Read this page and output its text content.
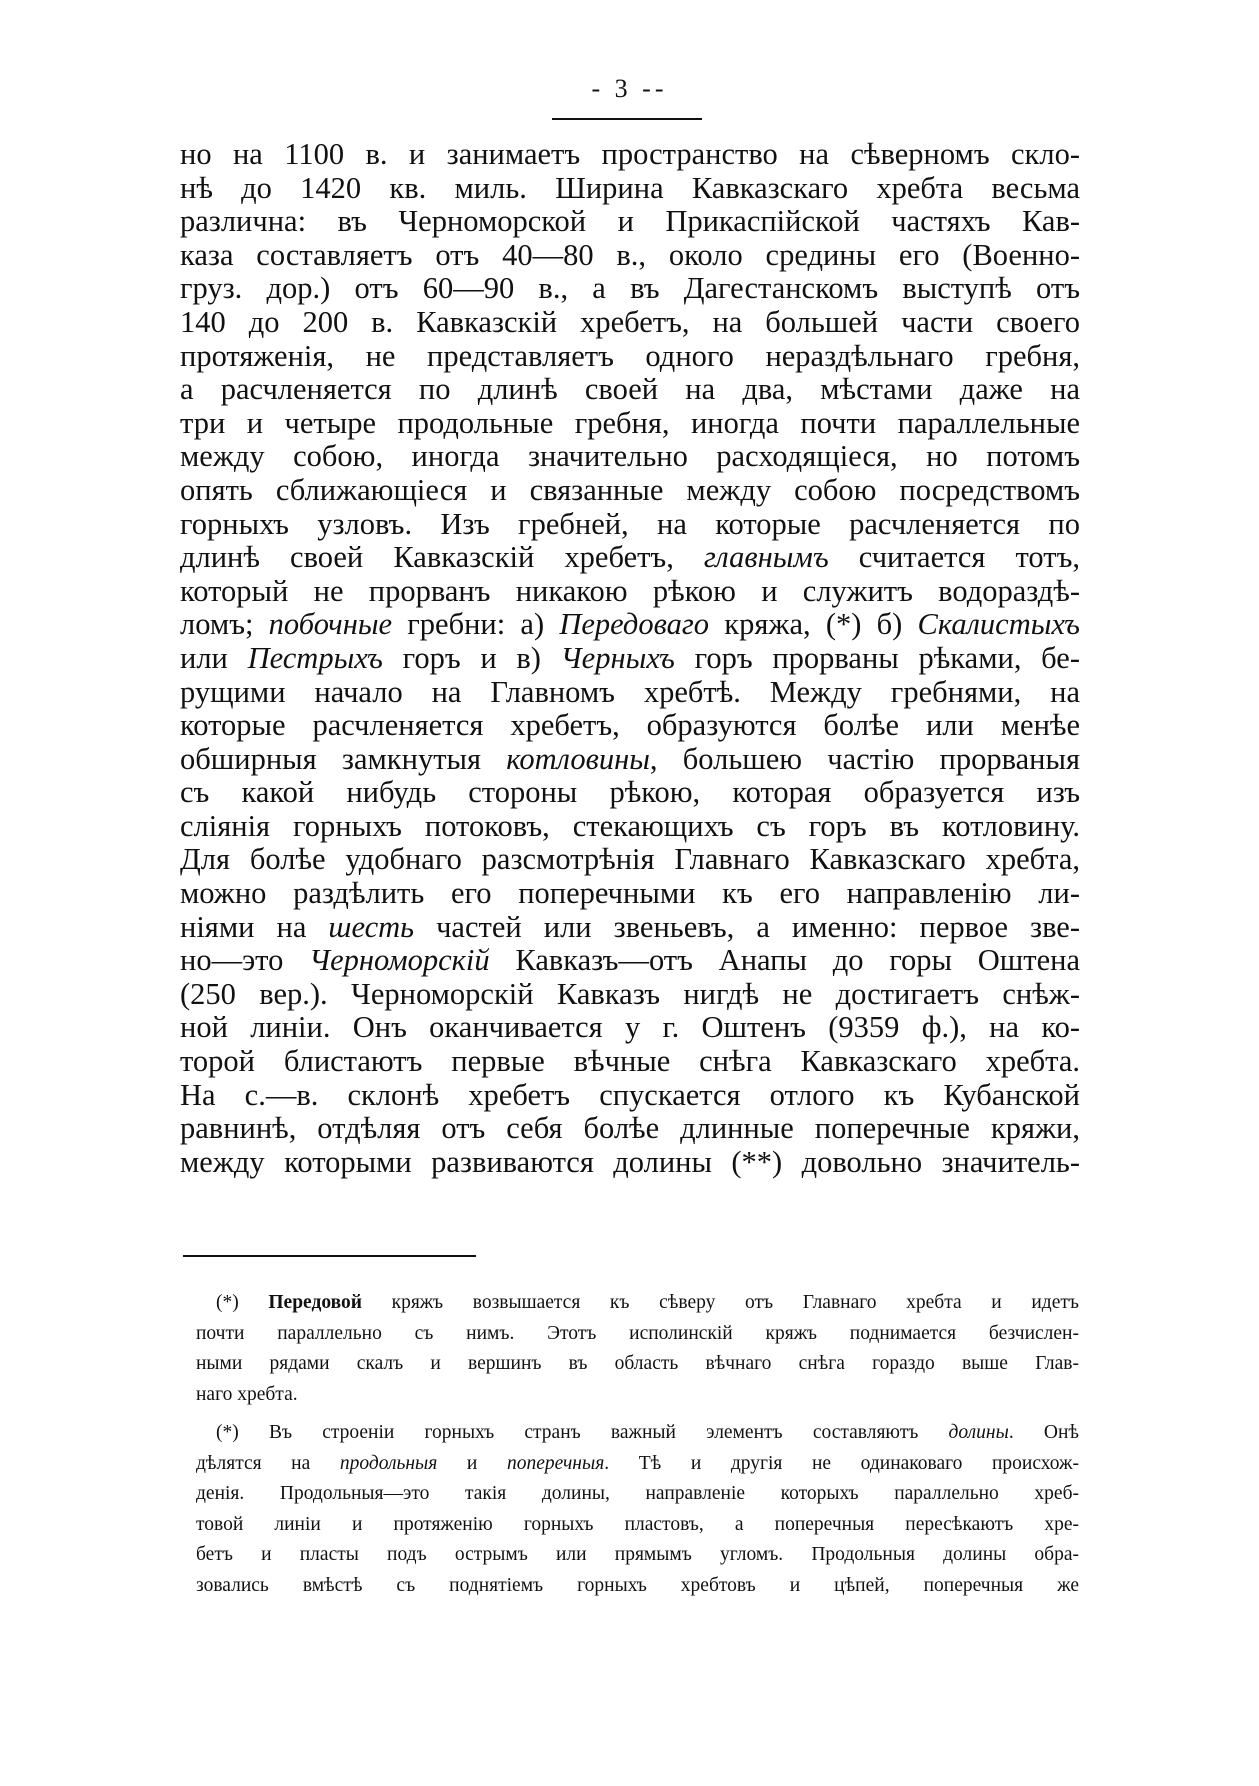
- 3 --
но на 1100 в. и занимаетъ пространство на сѣверномъ скло-
нѣ до 1420 кв. миль. Ширина Кавказскаго хребта весьма
различна: въ Черноморской и Прикаспійской частяхъ Кав-
каза составляетъ отъ 40—80 в., около средины его (Военно-
груз. дор.) отъ 60—90 в., а въ Дагестанскомъ выступѣ отъ
140 до 200 в. Кавказскій хребетъ, на большей части своего
протяженія, не представляетъ одного нераздѣльнаго гребня,
а расчленяется по длинѣ своей на два, мѣстами даже на
три и четыре продольные гребня, иногда почти параллельные
между собою, иногда значительно расходящіеся, но потомъ
опять сближающіеся и связанные между собою посредствомъ
горныхъ узловъ. Изъ гребней, на которые расчленяется по
длинѣ своей Кавказскій хребетъ, главнымъ считается тотъ,
который не прорванъ никакою рѣкою и служитъ водораздѣ-
ломъ; побочные гребни: а) Передоваго кряжа, (*) б) Скалистыхъ
или Пестрыхъ горъ и в) Черныхъ горъ прорваны рѣками, бе-
рущими начало на Главномъ хребтѣ. Между гребнями, на
которые расчленяется хребетъ, образуются болѣе или менѣе
обширныя замкнутыя котловины, большею частію прорваныя
съ какой нибудь стороны рѣкою, которая образуется изъ
слiянiя горныхъ потоковъ, стекающихъ съ горъ въ котловину.
Для болѣе удобнаго разсмотрѣнія Главнаго Кавказскаго хребта,
можно раздѣлить его поперечными къ его направленію ли-
ніями на шесть частей или звеньевъ, а именно: первое зве-
но—это Черноморскій Кавказъ—отъ Анапы до горы Оштена
(250 вер.). Черноморскій Кавказъ нигдѣ не достигаетъ снѣж-
ной линіи. Онъ оканчивается у г. Оштенъ (9359 ф.), на ко-
торой блистаютъ первые вѣчные снѣга Кавказскаго хребта.
На с.—в. склонѣ хребетъ спускается отлого къ Кубанской
равнинѣ, отдѣляя отъ себя болѣе длинные поперечные кряжи,
между которыми развиваются долины (**) довольно значитель-
(*) Передовой кряжъ возвышается къ сѣверу отъ Главнаго хребта и идетъ
почти параллельно съ нимъ. Этотъ исполинскій кряжъ поднимается безчислен-
ными рядами скалъ и вершинъ въ область вѣчнаго снѣга гораздо выше Глав-
наго хребта.
(*) Въ строеніи горныхъ странъ важный элементъ составляютъ долины. Онѣ
дѣлятся на продольныя и поперечныя. Тѣ и другія не одинаковаго происхож-
денія. Продольныя—это такія долины, направленіе которыхъ параллельно хреб-
товой линіи и протяженію горныхъ пластовъ, а поперечныя пересѣкаютъ хре-
бетъ и пласты подъ острымъ или прямымъ угломъ. Продольныя долины обра-
зовались вмѣстѣ съ поднятіемъ горныхъ хребтовъ и цѣпей, поперечныя же
